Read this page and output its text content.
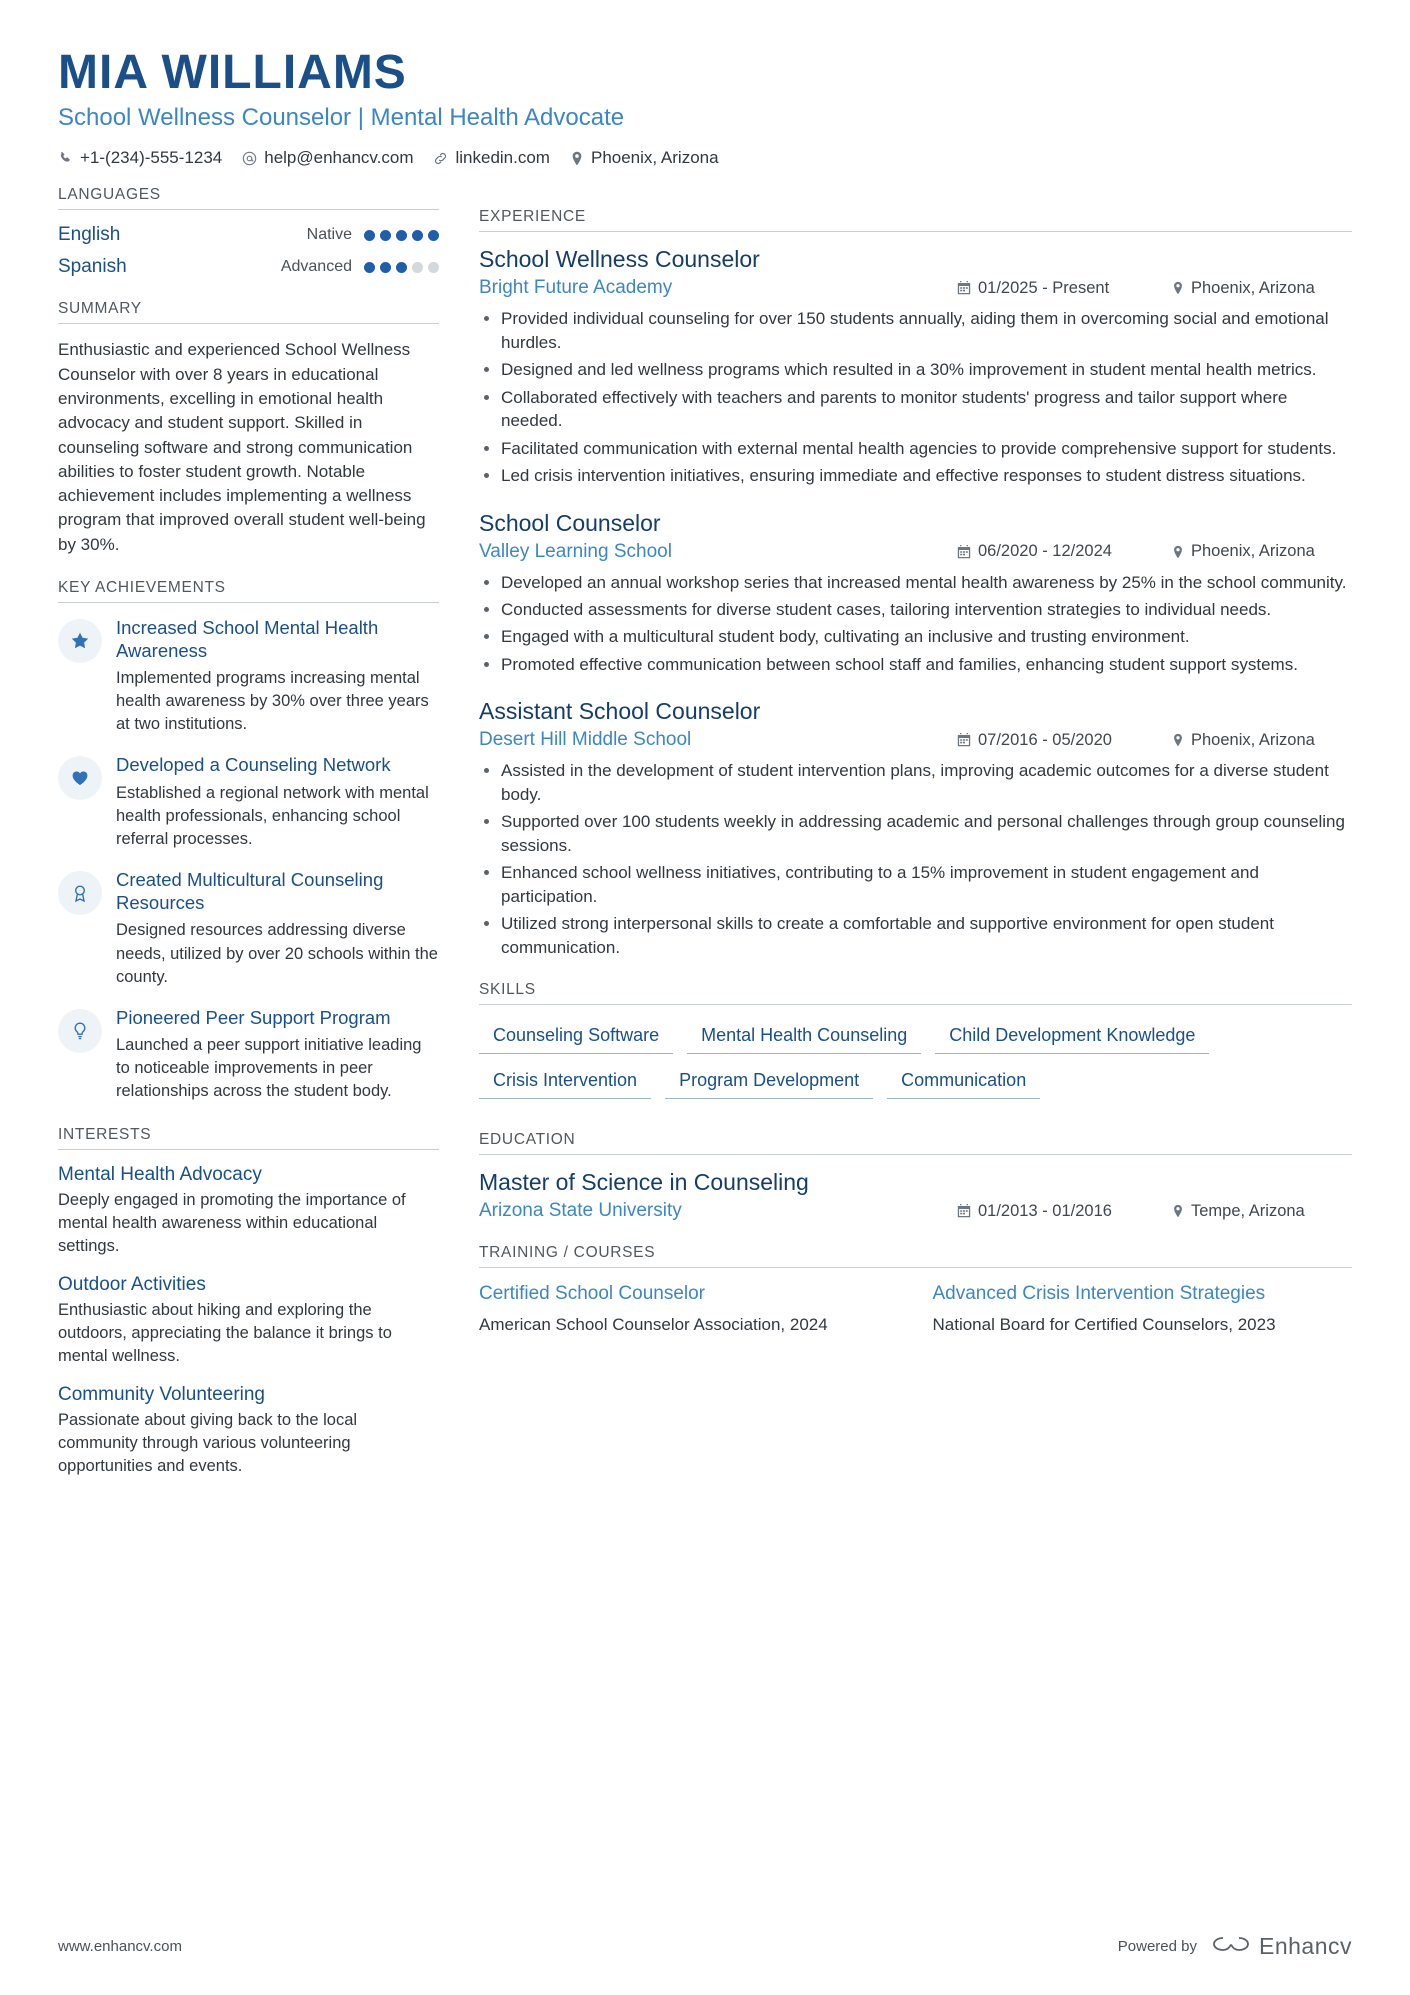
MIA WILLIAMS
School Wellness Counselor | Mental Health Advocate
+1-(234)-555-1234 help@enhancv.com linkedin.com Phoenix, Arizona
LANGUAGES
English	Native
Spanish	Advanced
SUMMARY
Enthusiastic and experienced School Wellness Counselor with over 8 years in educational environments, excelling in emotional health advocacy and student support. Skilled in counseling software and strong communication abilities to foster student growth. Notable achievement includes implementing a wellness program that improved overall student well-being by 30%.
KEY ACHIEVEMENTS
Increased School Mental Health Awareness
Implemented programs increasing mental health awareness by 30% over three years at two institutions.
Developed a Counseling Network
Established a regional network with mental health professionals, enhancing school referral processes.
Created Multicultural Counseling Resources
Designed resources addressing diverse needs, utilized by over 20 schools within the county.
Pioneered Peer Support Program
Launched a peer support initiative leading to noticeable improvements in peer relationships across the student body.
INTERESTS
Mental Health Advocacy
Deeply engaged in promoting the importance of mental health awareness within educational settings.
Outdoor Activities
Enthusiastic about hiking and exploring the outdoors, appreciating the balance it brings to mental wellness.
Community Volunteering
Passionate about giving back to the local community through various volunteering opportunities and events.
EXPERIENCE
School Wellness Counselor
Bright Future Academy	01/2025 - Present	Phoenix, Arizona
• Provided individual counseling for over 150 students annually, aiding them in overcoming social and emotional hurdles.
• Designed and led wellness programs which resulted in a 30% improvement in student mental health metrics.
• Collaborated effectively with teachers and parents to monitor students' progress and tailor support where needed.
• Facilitated communication with external mental health agencies to provide comprehensive support for students.
• Led crisis intervention initiatives, ensuring immediate and effective responses to student distress situations.
School Counselor
Valley Learning School	06/2020 - 12/2024	Phoenix, Arizona
• Developed an annual workshop series that increased mental health awareness by 25% in the school community.
• Conducted assessments for diverse student cases, tailoring intervention strategies to individual needs.
• Engaged with a multicultural student body, cultivating an inclusive and trusting environment.
• Promoted effective communication between school staff and families, enhancing student support systems.
Assistant School Counselor
Desert Hill Middle School	07/2016 - 05/2020	Phoenix, Arizona
• Assisted in the development of student intervention plans, improving academic outcomes for a diverse student body.
• Supported over 100 students weekly in addressing academic and personal challenges through group counseling sessions.
• Enhanced school wellness initiatives, contributing to a 15% improvement in student engagement and participation.
• Utilized strong interpersonal skills to create a comfortable and supportive environment for open student communication.
SKILLS
Counseling Software	Mental Health Counseling	Child Development Knowledge
Crisis Intervention	Program Development	Communication
EDUCATION
Master of Science in Counseling
Arizona State University	01/2013 - 01/2016	Tempe, Arizona
TRAINING / COURSES
Certified School Counselor
American School Counselor Association, 2024
Advanced Crisis Intervention Strategies
National Board for Certified Counselors, 2023
www.enhancv.com	Powered by	Enhancv
